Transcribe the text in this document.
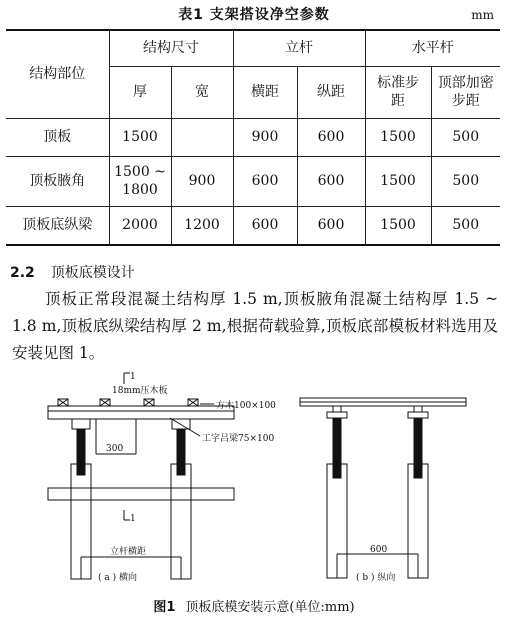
表1 支架搭设净空参数	mm
结构部位	结构尺寸		立杆		水平杆	
	厚	宽	横距	纵距	标准步距	顶部加密步距
顶板	1500		900	600	1500	500
顶板腋角	1500 ~ 1800	900	600	600	1500	500
顶板底纵梁	2000	1200	600	600	1500	500
2.2 顶板底模设计
顶板正常段混凝土结构厚 1.5 m,顶板腋角混凝土结构厚 1.5 ~ 1.8 m,顶板底纵梁结构厚 2 m,根据荷载验算,顶板底部模板材料选用及安装见图 1。
1
1
18mm压木板
方木100×100
工字吕梁75×100
300
立杆横距	600
( a ) 横向	( b ) 纵向
图1 顶板底模安装示意(单位:mm)
